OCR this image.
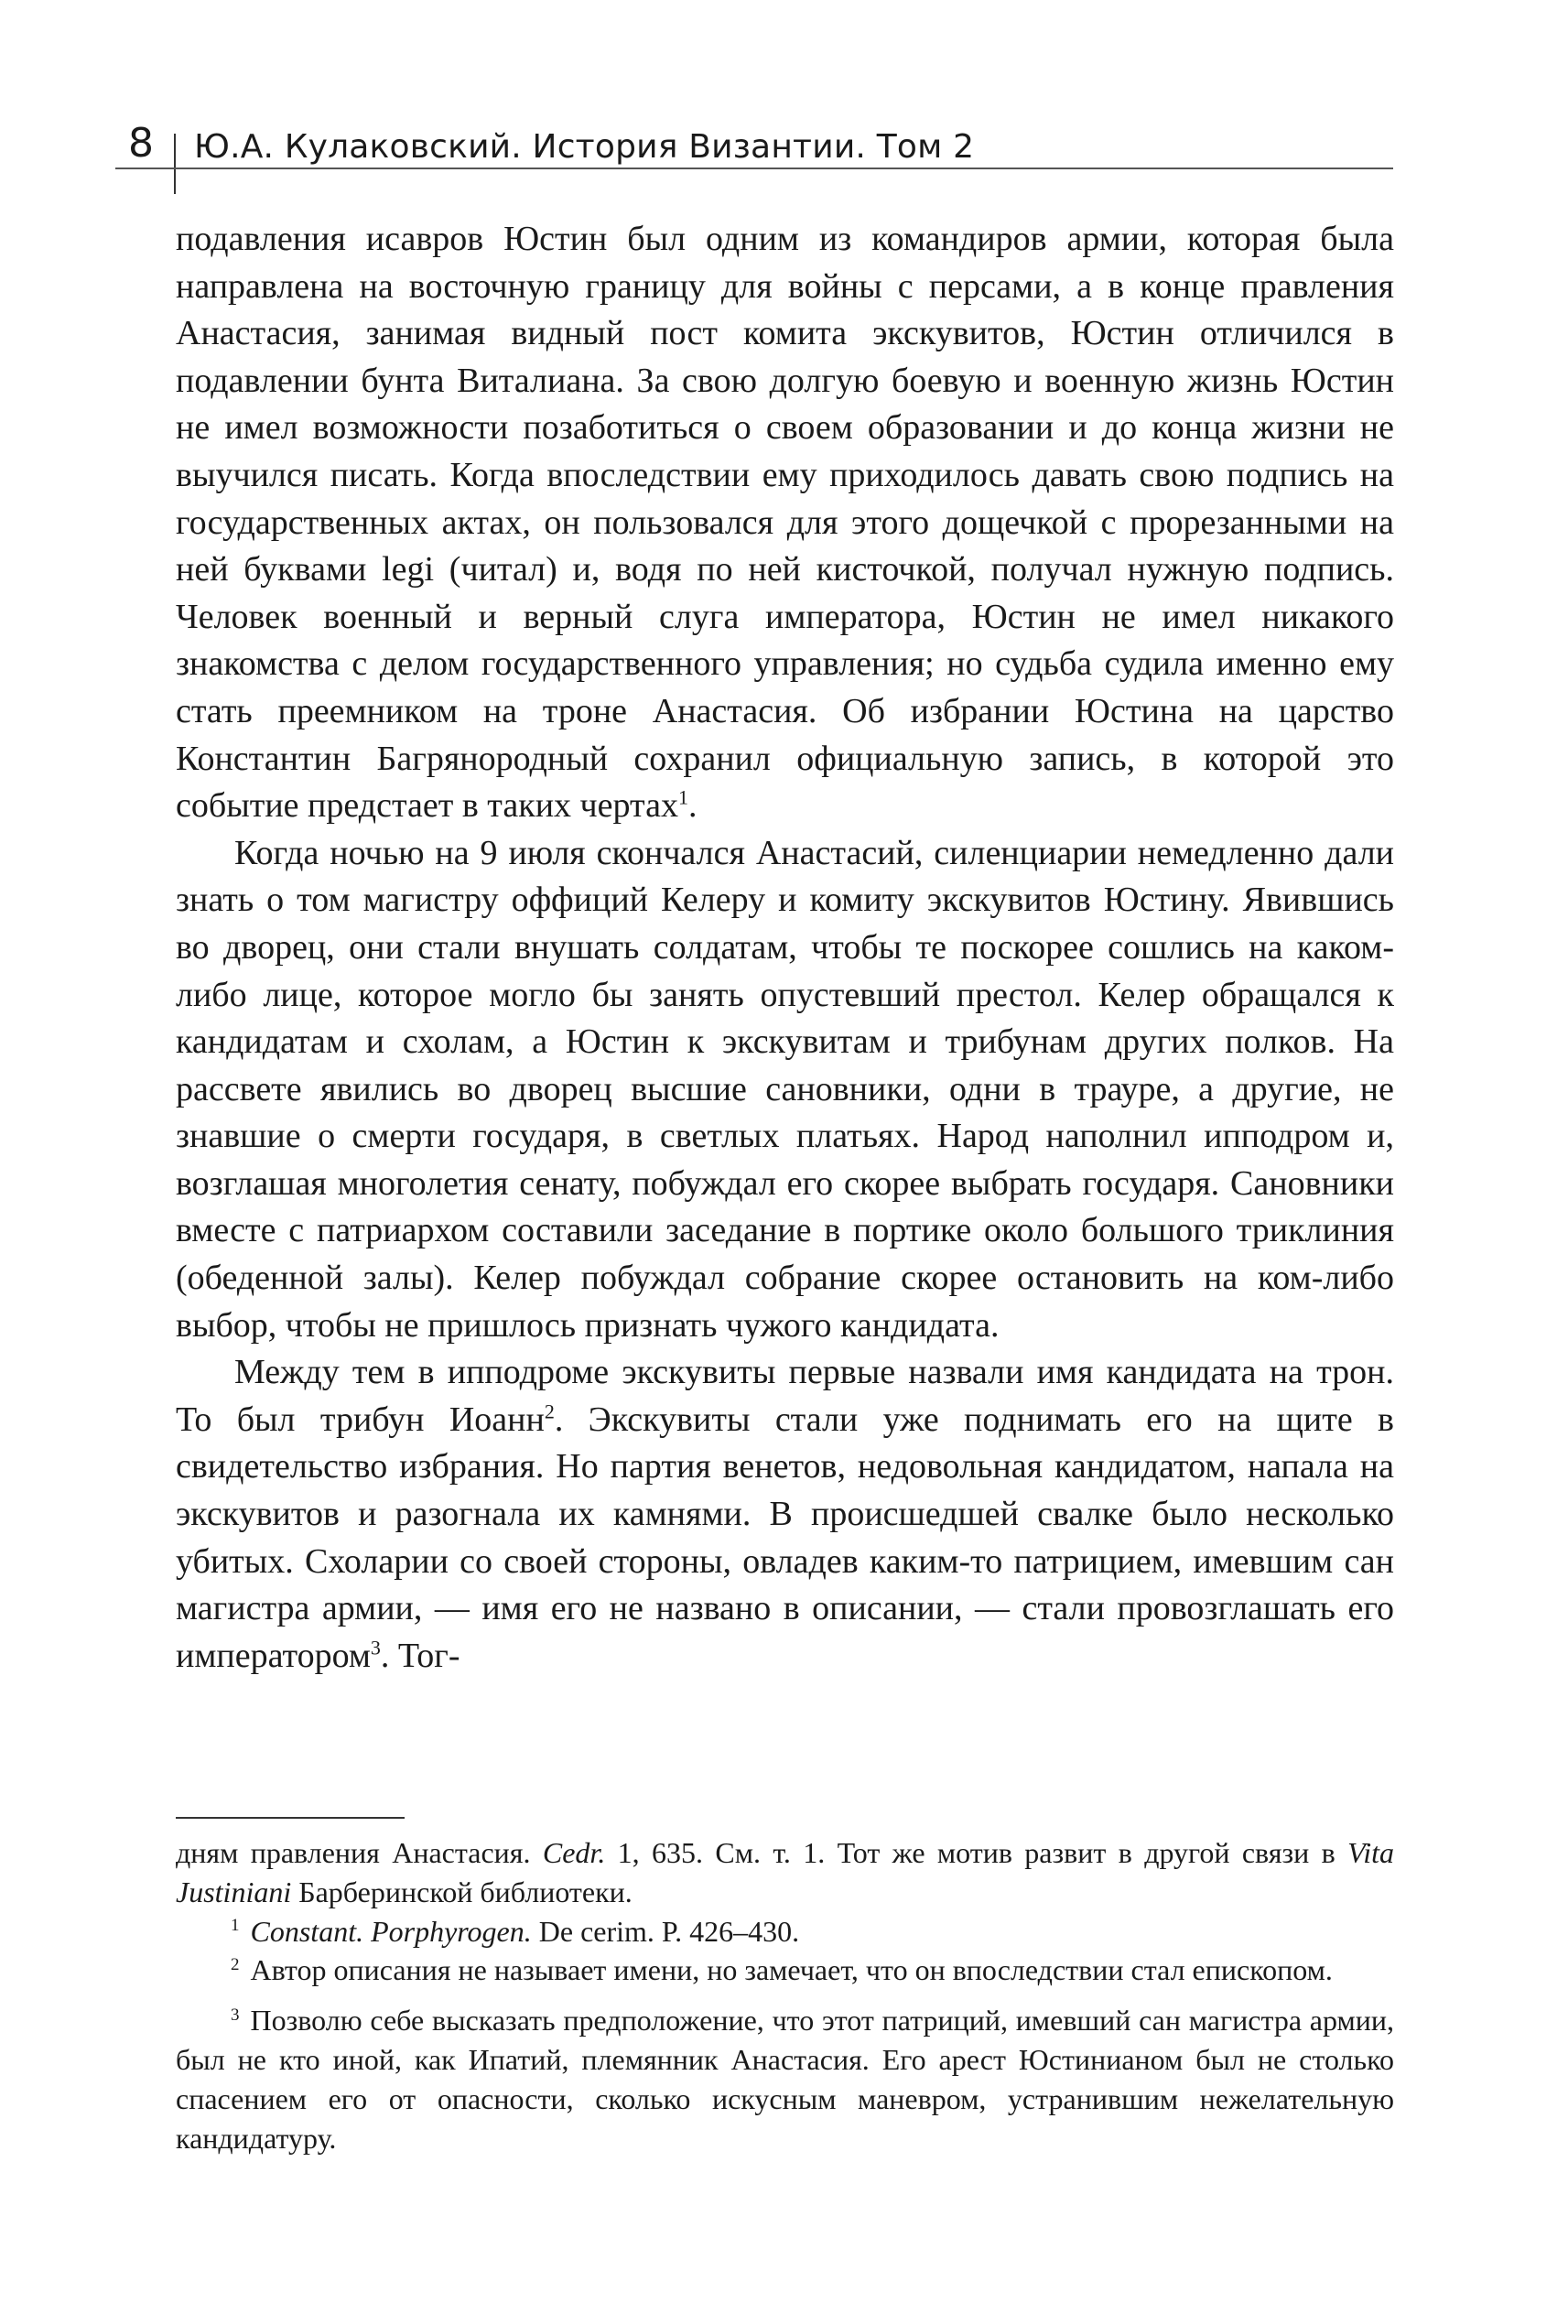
8 Ю.А. Кулаковский. История Византии. Том 2

подавления исавров Юстин был одним из командиров армии, которая была направлена на восточную границу для войны с персами, а в конце правления Анастасия, занимая видный пост комита экскувитов, Юстин отличился в подавлении бунта Виталиана. За свою долгую боевую и военную жизнь Юстин не имел возможности позаботиться о своем образовании и до конца жизни не выучился писать. Когда впоследствии ему приходилось давать свою подпись на государственных актах, он пользовался для этого дощечкой с прорезанными на ней буквами legi (читал) и, водя по ней кисточкой, получал нужную подпись. Человек военный и верный слуга императора, Юстин не имел никакого знакомства с делом государственного управления; но судьба судила именно ему стать преемником на троне Анастасия. Об избрании Юстина на царство Константин Багрянородный сохранил официальную запись, в которой это событие предстает в таких чертах$^1$.

Когда ночью на 9 июля скончался Анастасий, силенциарии немедленно дали знать о том магистру оффиций Келеру и комиту экскувитов Юстину. Явившись во дворец, они стали внушать солдатам, чтобы те поскорее сошлись на каком-либо лице, которое могло бы занять опустевший престол. Келер обращался к кандидатам и схолам, а Юстин к экскувитам и трибунам других полков. На рассвете явились во дворец высшие сановники, одни в трауре, а другие, не знавшие о смерти государя, в светлых платьях. Народ наполнил ипподром и, возглашая многолетия сенату, побуждал его скорее выбрать государя. Сановники вместе с патриархом составили заседание в портике около большого триклиния (обеденной залы). Келер побуждал собрание скорее остановить на ком-либо выбор, чтобы не пришлось признать чужого кандидата.

Между тем в ипподроме экскувиты первые назвали имя кандидата на трон. То был трибун Иоанн$^2$. Экскувиты стали уже поднимать его на щите в свидетельство избрания. Но партия венетов, недовольная кандидатом, напала на экскувитов и разогнала их камнями. В происшедшей свалке было несколько убитых. Схоларии со своей стороны, овладев каким-то патрицием, имевшим сан магистра армии, — имя его не названо в описании, — стали провозглашать его императором$^3$. Тог-

дням правления Анастасия. Cedr. 1, 635. См. т. 1. Тот же мотив развит в другой связи в Vita Justiniani Барберинской библиотеки.

$^1$ Constant. Porphyrogen. De cerim. P. 426–430.

$^2$ Автор описания не называет имени, но замечает, что он впоследствии стал епископом.

$^3$ Позволю себе высказать предположение, что этот патриций, имевший сан магистра армии, был не кто иной, как Ипатий, племянник Анастасия. Его арест Юстинианом был не столько спасением его от опасности, сколько искусным маневром, устранившим нежелательную кандидатуру.
